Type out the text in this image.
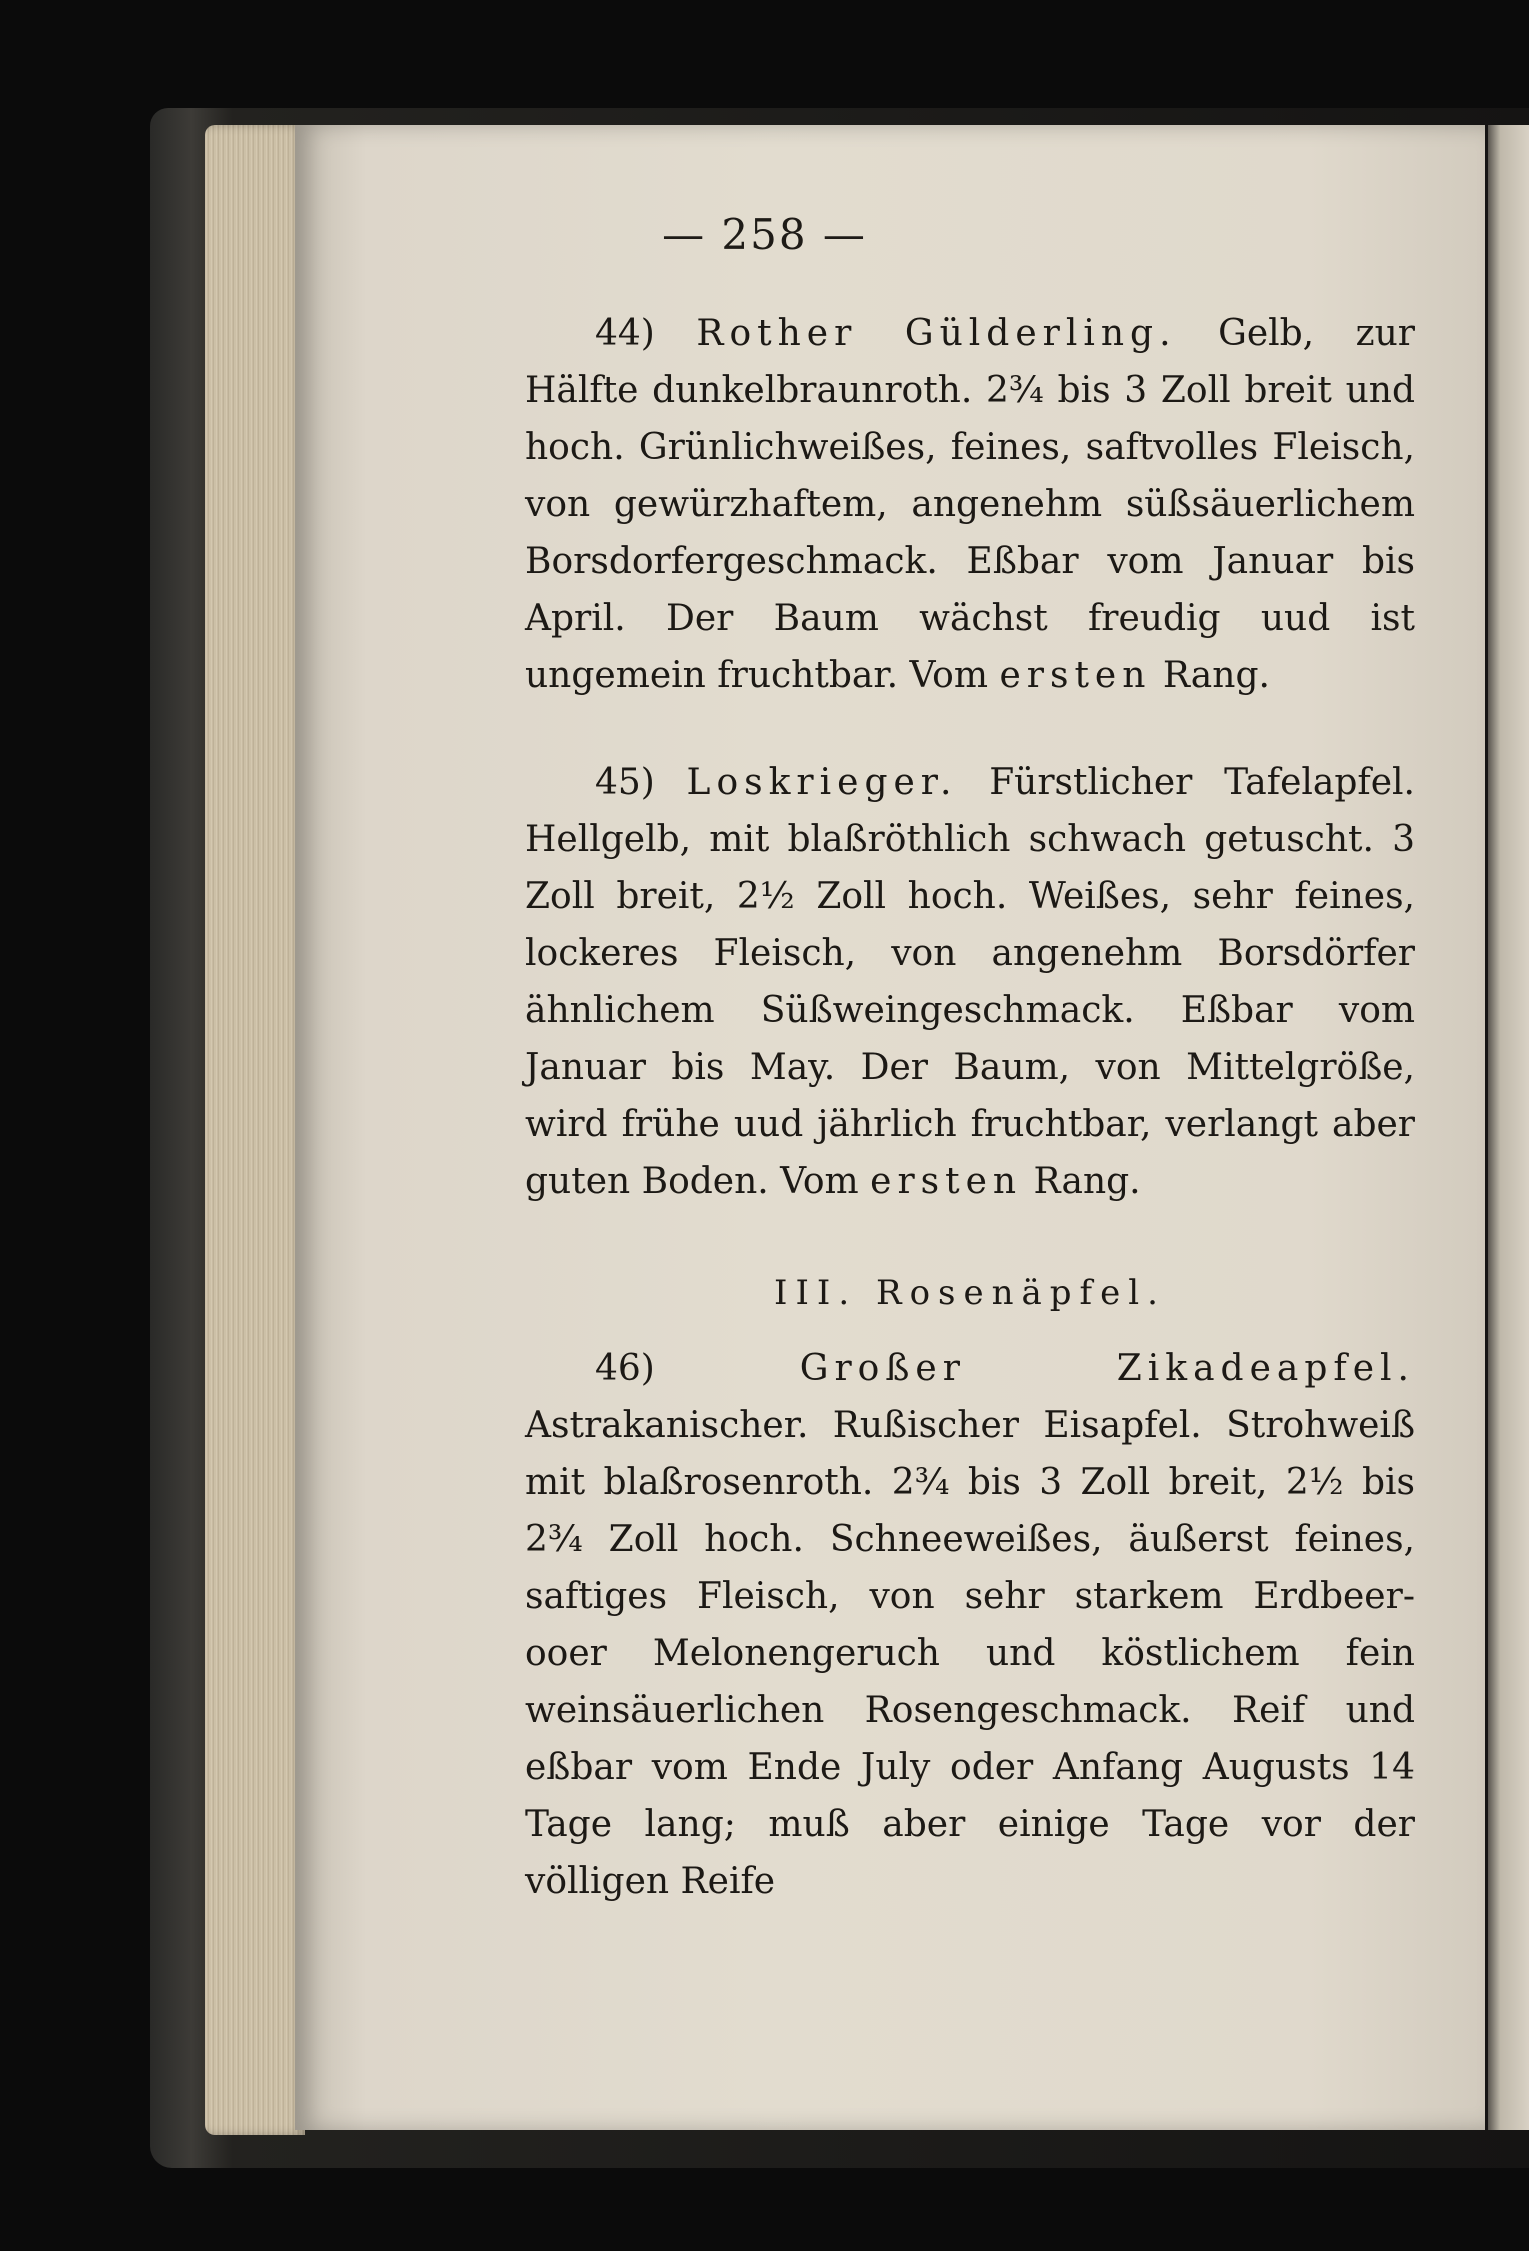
— 258 —

44) Rother Gülderling. Gelb, zur Hälfte dunkelbraunroth. 2¾ bis 3 Zoll breit und hoch. Grünlichweißes, feines, saftvolles Fleisch, von gewürzhaftem, angenehm süßsäuerlichem Borsdorfergeschmack. Eßbar vom Januar bis April. Der Baum wächst freudig uud ist ungemein fruchtbar. Vom ersten Rang.

45) Loskrieger. Fürstlicher Tafelapfel. Hellgelb, mit blaßröthlich schwach getuscht. 3 Zoll breit, 2½ Zoll hoch. Weißes, sehr feines, lockeres Fleisch, von angenehm Borsdörfer ähnlichem Süßweingeschmack. Eßbar vom Januar bis May. Der Baum, von Mittelgröße, wird frühe uud jährlich fruchtbar, verlangt aber guten Boden. Vom ersten Rang.

III. Rosenäpfel.

46)	Großer Zikadeapfel. Astrakanischer. Rußischer Eisapfel. Strohweiß mit blaßrosenroth. 2¾ bis 3 Zoll breit, 2½ bis 2¾ Zoll hoch. Schneeweißes, äußerst feines, saftiges Fleisch, von sehr starkem Erdbeer- ooer Melonengeruch und köstlichem fein weinsäuerlichen Rosengeschmack. Reif und eßbar vom Ende July oder Anfang Augusts 14 Tage lang; muß aber einige Tage vor der völligen Reife
